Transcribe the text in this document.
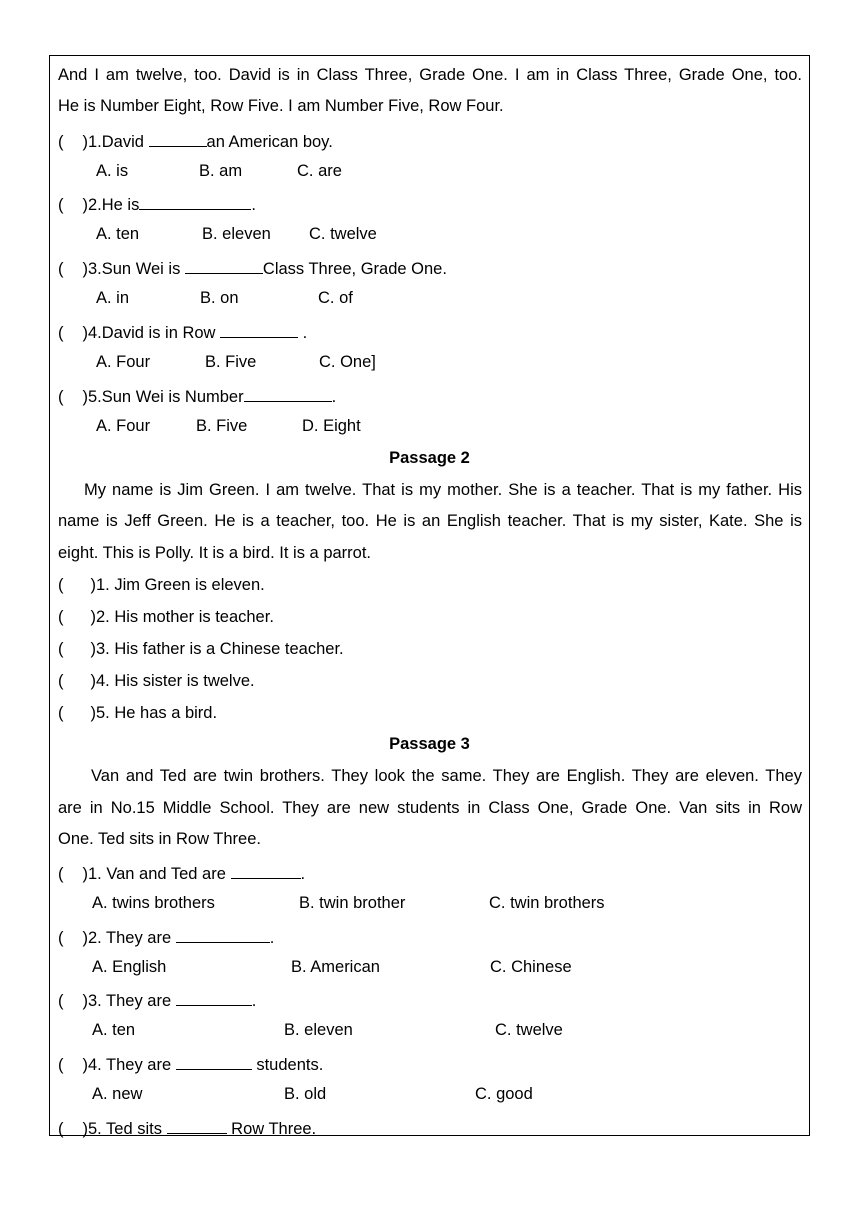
And I am twelve, too. David is in Class Three, Grade One. I am in Class Three, Grade One, too.
He is Number Eight, Row Five. I am Number Five, Row Four.
( )1.David	an American boy.
A. is	B. am	C. are
( )2.He is	.
A. ten	B. eleven C. twelve
( )3.Sun Wei is	Class Three, Grade One.
A. in	B. on	C. of
( )4.David is in Row	.
A. Four	B. Five	C. One]
( )5.Sun Wei is Number	.
A. Four	B. Five	D. Eight
Passage 2
My name is Jim Green. I am twelve. That is my mother. She is a teacher. That is my father. His
name is Jeff Green. He is a teacher, too. He is an English teacher. That is my sister, Kate. She is
eight. This is Polly. It is a bird. It is a parrot.
( )1. Jim Green is eleven.
( )2. His mother is teacher.
( )3. His father is a Chinese teacher.
( )4. His sister is twelve.
( )5. He has a bird.
Passage 3
Van and Ted are twin brothers. They look the same. They are English. They are eleven. They
are in No.15 Middle School. They are new students in Class One, Grade One. Van sits in Row
One. Ted sits in Row Three.
( )1. Van and Ted are	.
A. twins brothers	B. twin brother	C. twin brothers
( )2. They are	.
A. English	B. American	C. Chinese
( )3. They are	.
A. ten	B. eleven	C. twelve
( )4. They are	students.
A. new	B. old	C. good
( )5. Ted sits	Row Three.
